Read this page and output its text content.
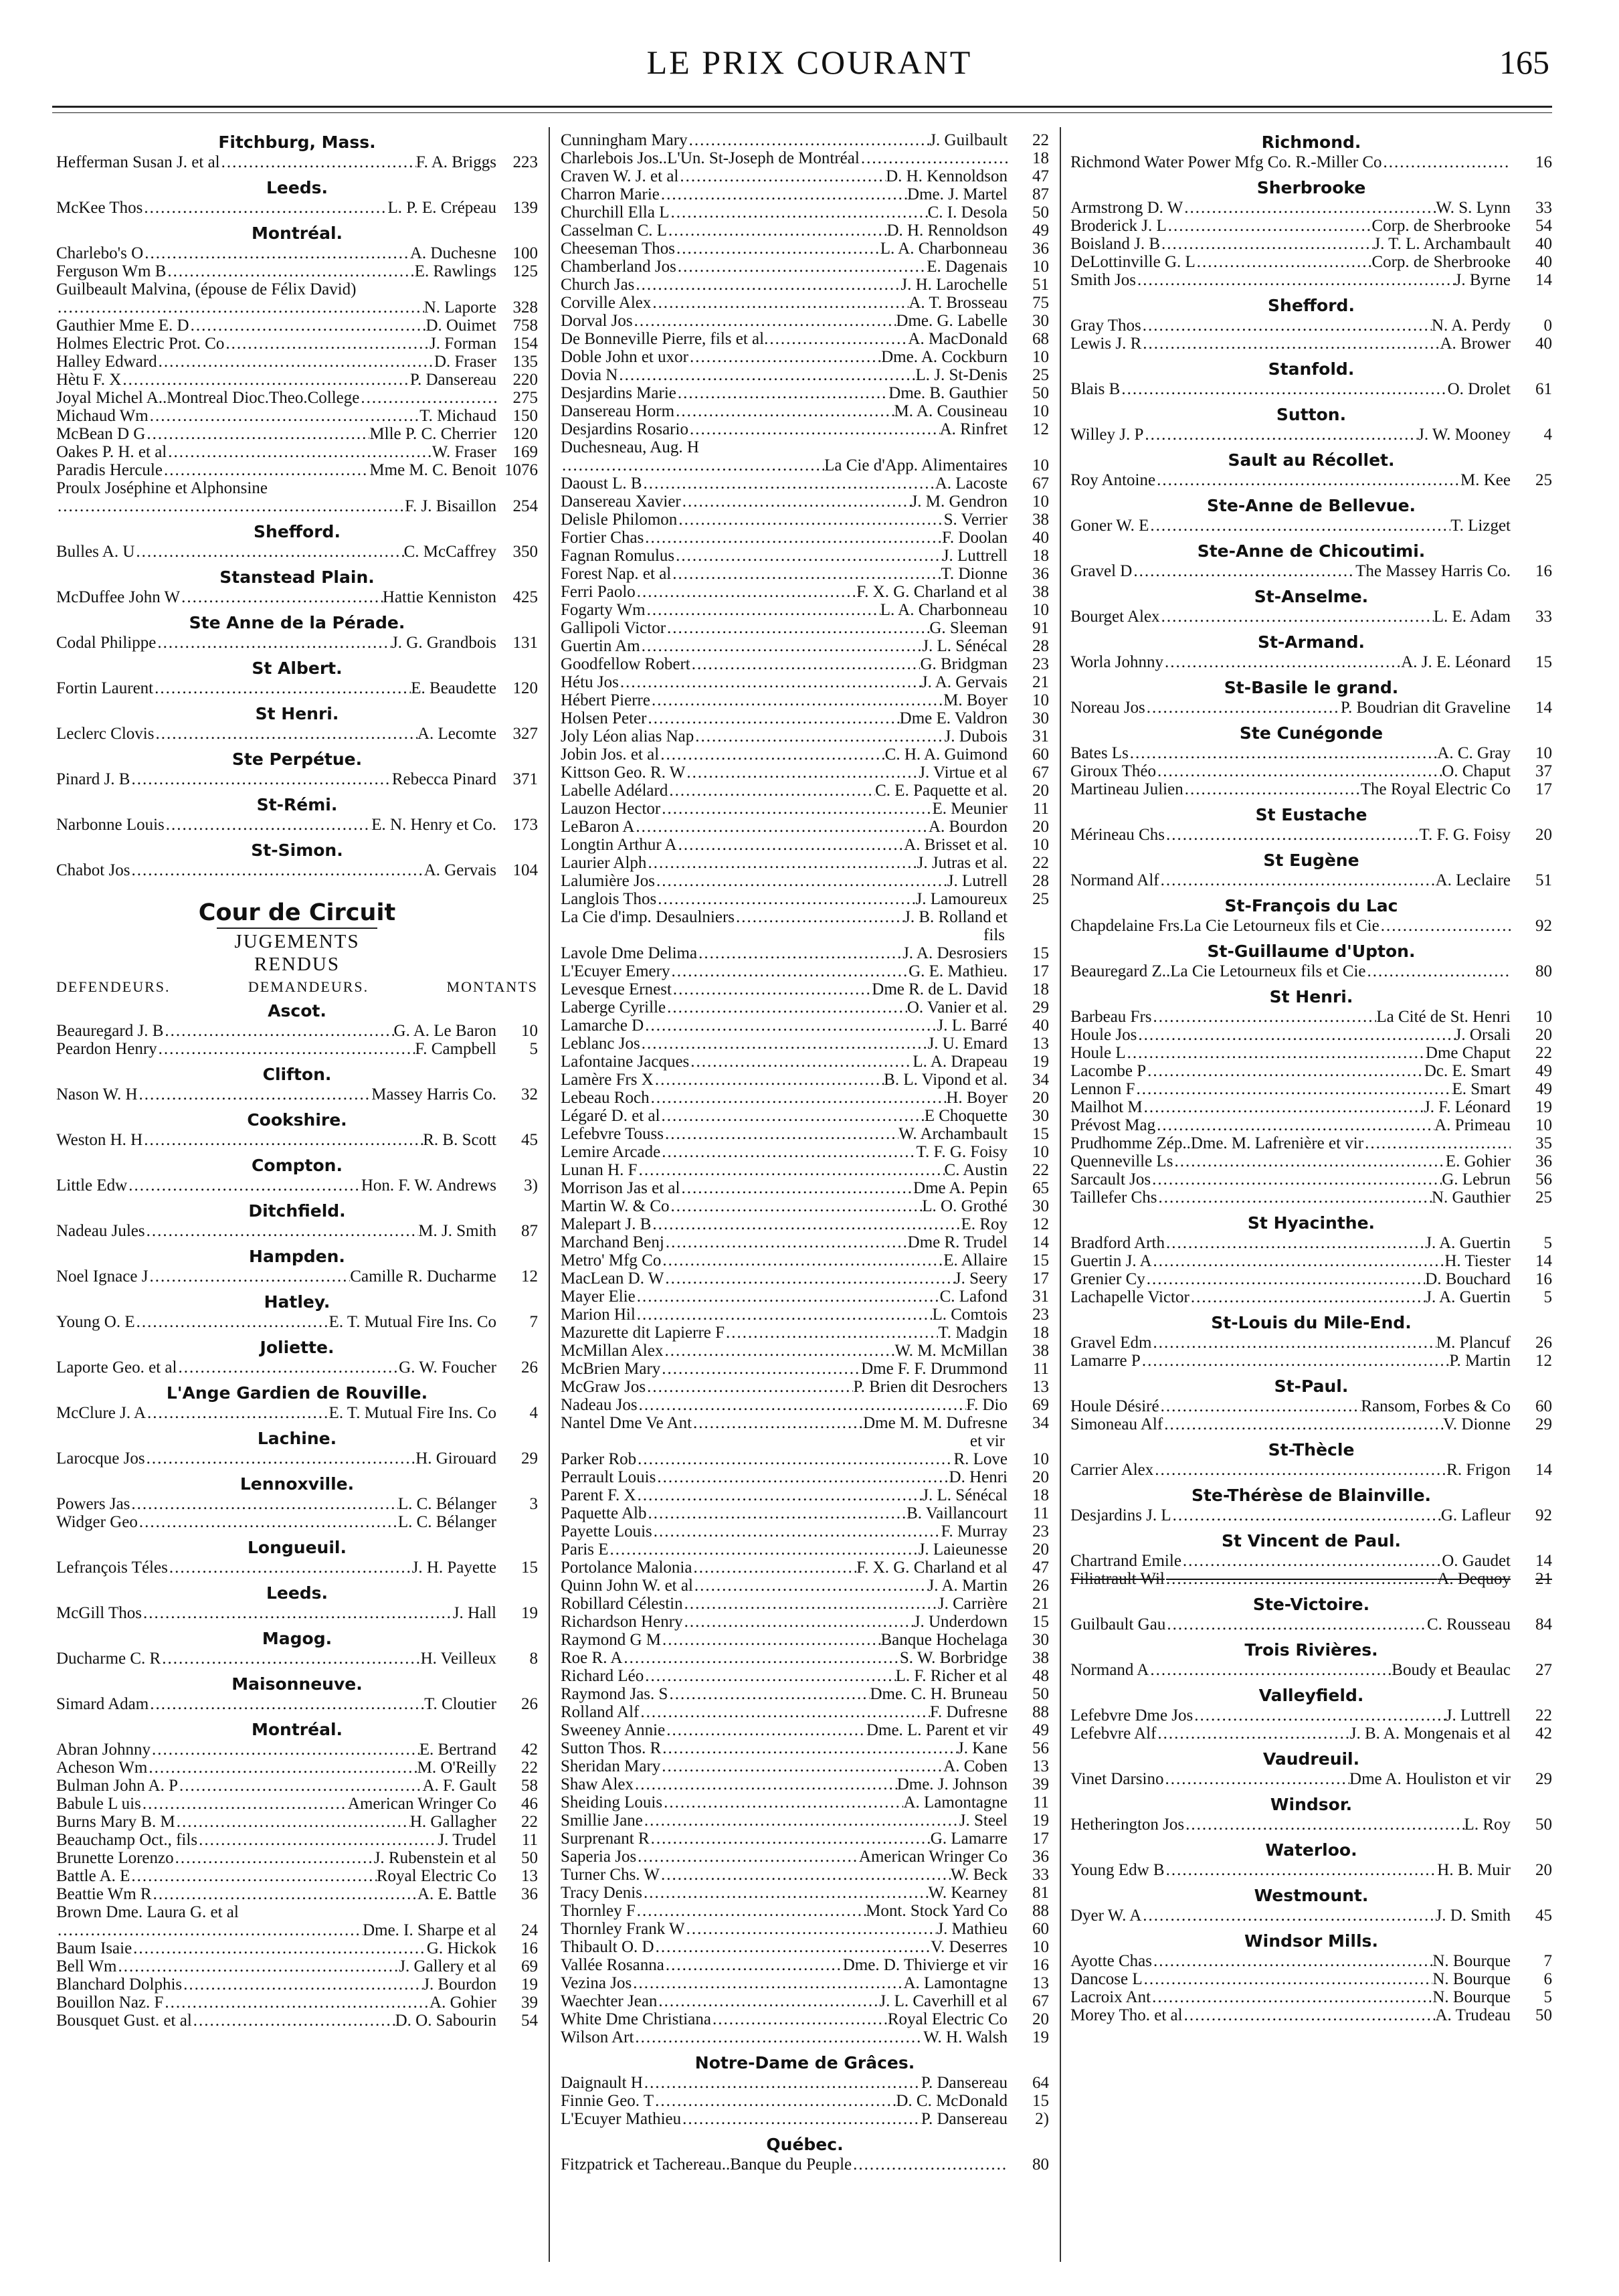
LE PRIX COURANT	165
Fitchburg, Mass.
Hefferman Susan J. et al .....	F. A. Briggs 223
Leeds.
McKee Thos .....	L. P. E. Crépeau 139
Montréal.
Charlebo's O .....	A. Duchesne 100
Ferguson Wm B .....	E. Rawlings 125
Guilbeault Malvina, (épouse de Félix David)
.....
N. Laporte 328
Gauthier Mme E. D .....	D. Ouimet 758
Holmes Electric Prot. Co .....	J. Forman 154
Halley Edward .....	D. Fraser 135
Hètu F. X .....	P. Dansereau 220
Joyal Michel A..Montreal Dioc.Theo.College .....	275
Michaud Wm .....	T. Michaud 150
McBean D G .....	Mlle P. C. Cherrier 120
Oakes P. H. et al .....	W. Fraser 169
Paradis Hercule .....	Mme M. C. Benoit 1076
Proulx Joséphine et Alphonsine
.....
F. J. Bisaillon 254
Shefford.
Bulles A. U .....	C. McCaffrey 350
Stanstead Plain.
McDuffee John W .....	Hattie Kenniston 425
Ste Anne de la Pérade.
Codal Philippe .....	J. G. Grandbois 131
St Albert.
Fortin Laurent .....	E. Beaudette 120
St Henri.
Leclerc Clovis .....	A. Lecomte 327
Ste Perpétue.
Pinard J. B .....	Rebecca Pinard 371
St-Rémi.
Narbonne Louis .....	E. N. Henry et Co. 173
St-Simon.
Chabot Jos .....	A. Gervais 104
Cour de Circuit
JUGEMENTS RENDUS
DEFENDEURS.	DEMANDEURS.	MONTANTS
Ascot.
Beauregard J. B .....	G. A. Le Baron	10
Peardon Henry .....	F. Campbell	5
Clifton.
Nason W. H .....	Massey Harris Co.	32
Cookshire.
Weston H. H .....	R. B. Scott	45
Compton.
Little Edw .....	Hon. F. W. Andrews	3)
Ditchfield.
Nadeau Jules .....	M. J. Smith	87
Hampden.
Noel Ignace J .....	Camille R. Ducharme	12
Hatley.
Young O. E .....	E. T. Mutual Fire Ins. Co	7
Joliette.
Laporte Geo. et al .....	G. W. Foucher	26
L'Ange Gardien de Rouville.
McClure J. A .....	E. T. Mutual Fire Ins. Co	4
Lachine.
Larocque Jos .....	H. Girouard	29
Lennoxville.
Powers Jas .....	L. C. Bélanger	3
Widger Geo .....	L. C. Bélanger
Longueuil.
Lefrançois Téles .....	J. H. Payette	15
Leeds.
McGill Thos .....	J. Hall	19
Magog.
Ducharme C. R .....	H. Veilleux	8
Maisonneuve.
Simard Adam .....	T. Cloutier	26
Montréal.
Abran Johnny .....	E. Bertrand	42
Acheson Wm .....	M. O'Reilly	22
Bulman John A. P .....	A. F. Gault	58
Babule L uis .....	American Wringer Co	46
Burns Mary B. M .....	H. Gallagher	22
Beauchamp Oct., fils .....	J. Trudel	11
Brunette Lorenzo .....	J. Rubenstein et al	50
Battle A. E .....	Royal Electric Co	13
Beattie Wm R .....	A. E. Battle	36
Brown Dme. Laura G. et al
.....
Dme. I. Sharpe et al	24
Baum Isaie .....	G. Hickok	16
Bell Wm .....	J. Gallery et al	69
Blanchard Dolphis .....	J. Bourdon	19
Bouillon Naz. F .....	A. Gohier	39
Bousquet Gust. et al .....	D. O. Sabourin	54
Cunningham Mary .....	J. Guilbault	22
Charlebois Jos..L'Un. St-Joseph de Montréal .....	18
Craven W. J. et al .....	D. H. Kennoldson	47
Charron Marie .....	Dme. J. Martel	87
Churchill Ella L .....	C. I. Desola	50
Casselman C. L .....	D. H. Rennoldson	49
Cheeseman Thos .....	L. A. Charbonneau	36
Chamberland Jos .....	E. Dagenais	10
Church Jas .....	J. H. Larochelle	51
Corville Alex .....	A. T. Brosseau	75
Dorval Jos .....	Dme. G. Labelle	30
De Bonneville Pierre, fils et al. .....	A. MacDonald	68
Doble John et uxor .....	Dme. A. Cockburn	10
Dovia N .....	L. J. St-Denis	25
Desjardins Marie .....	Dme. B. Gauthier	50
Dansereau Horm .....	M. A. Cousineau	10
Desjardins Rosario .....	A. Rinfret	12
Duchesneau, Aug. H
.....
La Cie d'App. Alimentaires	10
Daoust L. B .....	A. Lacoste	67
Dansereau Xavier .....	J. M. Gendron	10
Delisle Philomon .....	S. Verrier	38
Fortier Chas .....	F. Doolan	40
Fagnan Romulus .....	J. Luttrell	18
Forest Nap. et al .....	T. Dionne	36
Ferri Paolo .....	F. X. G. Charland et al	38
Fogarty Wm .....	L. A. Charbonneau	10
Gallipoli Victor .....	G. Sleeman	91
Guertin Am .....	J. L. Sénécal	28
Goodfellow Robert .....	G. Bridgman	23
Hétu Jos .....	J. A. Gervais	21
Hébert Pierre .....	M. Boyer	10
Holsen Peter .....	Dme E. Valdron	30
Joly Léon alias Nap .....	J. Dubois	31
Jobin Jos. et al .....	C. H. A. Guimond	60
Kittson Geo. R. W .....	J. Virtue et al	67
Labelle Adélard .....	C. E. Paquette et al.	20
Lauzon Hector .....	E. Meunier	11
LeBaron A .....	A. Bourdon	20
Longtin Arthur A .....	A. Brisset et al.	10
Laurier Alph .....	J. Jutras et al.	22
Lalumière Jos .....	J. Lutrell	28
Langlois Thos .....	J. Lamoureux	25
La Cie d'imp. Desaulniers .....	J. B. Rolland et
fils
Lavole Dme Delima .....	J. A. Desrosiers	15
L'Ecuyer Emery .....	G. E. Mathieu.	17
Levesque Ernest .....	Dme R. de L. David	18
Laberge Cyrille .....	O. Vanier et al.	29
Lamarche D .....	J. L. Barré	40
Leblanc Jos .....	J. U. Emard	13
Lafontaine Jacques .....	L. A. Drapeau	19
Lamère Frs X .....	B. L. Vipond et al.	34
Lebeau Roch .....	H. Boyer	20
Légaré D. et al .....	E Choquette	30
Lefebvre Touss .....	W. Archambault	15
Lemire Arcade .....	T. F. G. Foisy	10
Lunan H. F .....	C. Austin	22
Morrison Jas et al .....	Dme A. Pepin	65
Martin W. & Co .....	L. O. Grothé	30
Malepart J. B .....	E. Roy	12
Marchand Benj .....	Dme R. Trudel	14
Metro' Mfg Co .....	E. Allaire	15
MacLean D. W .....	J. Seery	17
Mayer Elie .....	C. Lafond	31
Marion Hil .....	L. Comtois	23
Mazurette dit Lapierre F .....	T. Madgin	18
McMillan Alex .....	W. M. McMillan	38
McBrien Mary .....	Dme F. F. Drummond	11
McGraw Jos .....	P. Brien dit Desrochers	13
Nadeau Jos .....	F. Dio	69
Nantel Dme Ve Ant .....	Dme M. M. Dufresne	34
et vir
Parker Rob .....	R. Love	10
Perrault Louis .....	D. Henri	20
Parent F. X .....	J. L. Sénécal	18
Paquette Alb .....	B. Vaillancourt	11
Payette Louis .....	F. Murray	23
Paris E .....	J. Laieunesse	20
Portolance Malonia .....	F. X. G. Charland et al	47
Quinn John W. et al .....	J. A. Martin	26
Robillard Célestin .....	J. Carrière	21
Richardson Henry .....	J. Underdown	15
Raymond G M .....	Banque Hochelaga	30
Roe R. A .....	S. W. Borbridge	38
Richard Léo .....	L. F. Richer et al	48
Raymond Jas. S .....	Dme. C. H. Bruneau	50
Rolland Alf .....	F. Dufresne	88
Sweeney Annie .....	Dme. L. Parent et vir	49
Sutton Thos. R .....	J. Kane	56
Sheridan Mary .....	A. Coben	13
Shaw Alex .....	Dme. J. Johnson	39
Sheiding Louis .....	A. Lamontagne	11
Smillie Jane .....	J. Steel	19
Surprenant R .....	G. Lamarre	17
Saperia Jos .....	American Wringer Co	36
Turner Chs. W .....	W. Beck	33
Tracy Denis .....	W. Kearney	81
Thornley F .....	Mont. Stock Yard Co	88
Thornley Frank W .....	J. Mathieu	60
Thibault O. D .....	V. Deserres	10
Vallée Rosanna .....	Dme. D. Thivierge et vir	16
Vezina Jos .....	A. Lamontagne	13
Waechter Jean .....	J. L. Caverhill et al	67
White Dme Christiana .....	Royal Electric Co	20
Wilson Art .....	W. H. Walsh	19
Notre-Dame de Grâces.
Daignault H .....	P. Dansereau	64
Finnie Geo. T .....	D. C. McDonald	15
L'Ecuyer Mathieu .....	P. Dansereau	2)
Québec.
Fitzpatrick et Tachereau..Banque du Peuple .....	80
Richmond.
Richmond Water Power Mfg Co. R.-Miller Co .....	16
Sherbrooke
Armstrong D. W .....	W. S. Lynn	33
Broderick J. L .....	Corp. de Sherbrooke	54
Boisland J. B .....	J. T. L. Archambault	40
DeLottinville G. L .....	Corp. de Sherbrooke	40
Smith Jos .....	J. Byrne	14
Shefford.
Gray Thos .....	N. A. Perdy	0
Lewis J. R .....	A. Brower	40
Stanfold.
Blais B .....	O. Drolet	61
Sutton.
Willey J. P .....	J. W. Mooney	4
Sault au Récollet.
Roy Antoine .....	M. Kee	25
Ste-Anne de Bellevue.
Goner W. E .....	T. Lizget
Ste-Anne de Chicoutimi.
Gravel D .....	The Massey Harris Co.	16
St-Anselme.
Bourget Alex .....	L. E. Adam	33
St-Armand.
Worla Johnny .....	A. J. E. Léonard	15
St-Basile le grand.
Noreau Jos .....	P. Boudrian dit Graveline	14
Ste Cunégonde
Bates Ls .....	A. C. Gray	10
Giroux Théo .....	O. Chaput	37
Martineau Julien .....	The Royal Electric Co	17
St Eustache
Mérineau Chs .....	T. F. G. Foisy	20
St Eugène
Normand Alf .....	A. Leclaire	51
St-François du Lac
Chapdelaine Frs.La Cie Letourneux fils et Cie .....	92
St-Guillaume d'Upton.
Beauregard Z..La Cie Letourneux fils et Cie .....	80
St Henri.
Barbeau Frs .....	La Cité de St. Henri	10
Houle Jos .....	J. Orsali	20
Houle L .....	Dme Chaput	22
Lacombe P .....	Dc. E. Smart	49
Lennon F .....	E. Smart	49
Mailhot M .....	J. F. Léonard	19
Prévost Mag .....	A. Primeau	10
Prudhomme Zép..Dme. M. Lafrenière et vir .....	35
Quenneville Ls .....	E. Gohier	36
Sarcault Jos .....	G. Lebrun	56
Taillefer Chs .....	N. Gauthier	25
St Hyacinthe.
Bradford Arth .....	J. A. Guertin	5
Guertin J. A .....	H. Tiester	14
Grenier Cy .....	D. Bouchard	16
Lachapelle Victor .....	J. A. Guertin	5
St-Louis du Mile-End.
Gravel Edm .....	M. Plancuf	26
Lamarre P .....	P. Martin	12
St-Paul.
Houle Désiré .....	Ransom, Forbes & Co	60
Simoneau Alf .....	V. Dionne	29
St-Thècle
Carrier Alex .....	R. Frigon	14
Ste-Thérèse de Blainville.
Desjardins J. L .....	G. Lafleur	92
St Vincent de Paul.
Chartrand Emile .....	O. Gaudet	14
Filiatrault Wil .....	A. Dequoy	21
Ste-Victoire.
Guilbault Gau .....	C. Rousseau	84
Trois Rivières.
Normand A .....	Boudy et Beaulac	27
Valleyfield.
Lefebvre Dme Jos .....	J. Luttrell	22
Lefebvre Alf .....	J. B. A. Mongenais et al	42
Vaudreuil.
Vinet Darsino .....	Dme A. Houliston et vir	29
Windsor.
Hetherington Jos .....	L. Roy	50
Waterloo.
Young Edw B .....	H. B. Muir	20
Westmount.
Dyer W. A .....	J. D. Smith	45
Windsor Mills.
Ayotte Chas .....	N. Bourque	7
Dancose L .....	N. Bourque	6
Lacroix Ant .....	N. Bourque	5
Morey Tho. et al .....	A. Trudeau	50
